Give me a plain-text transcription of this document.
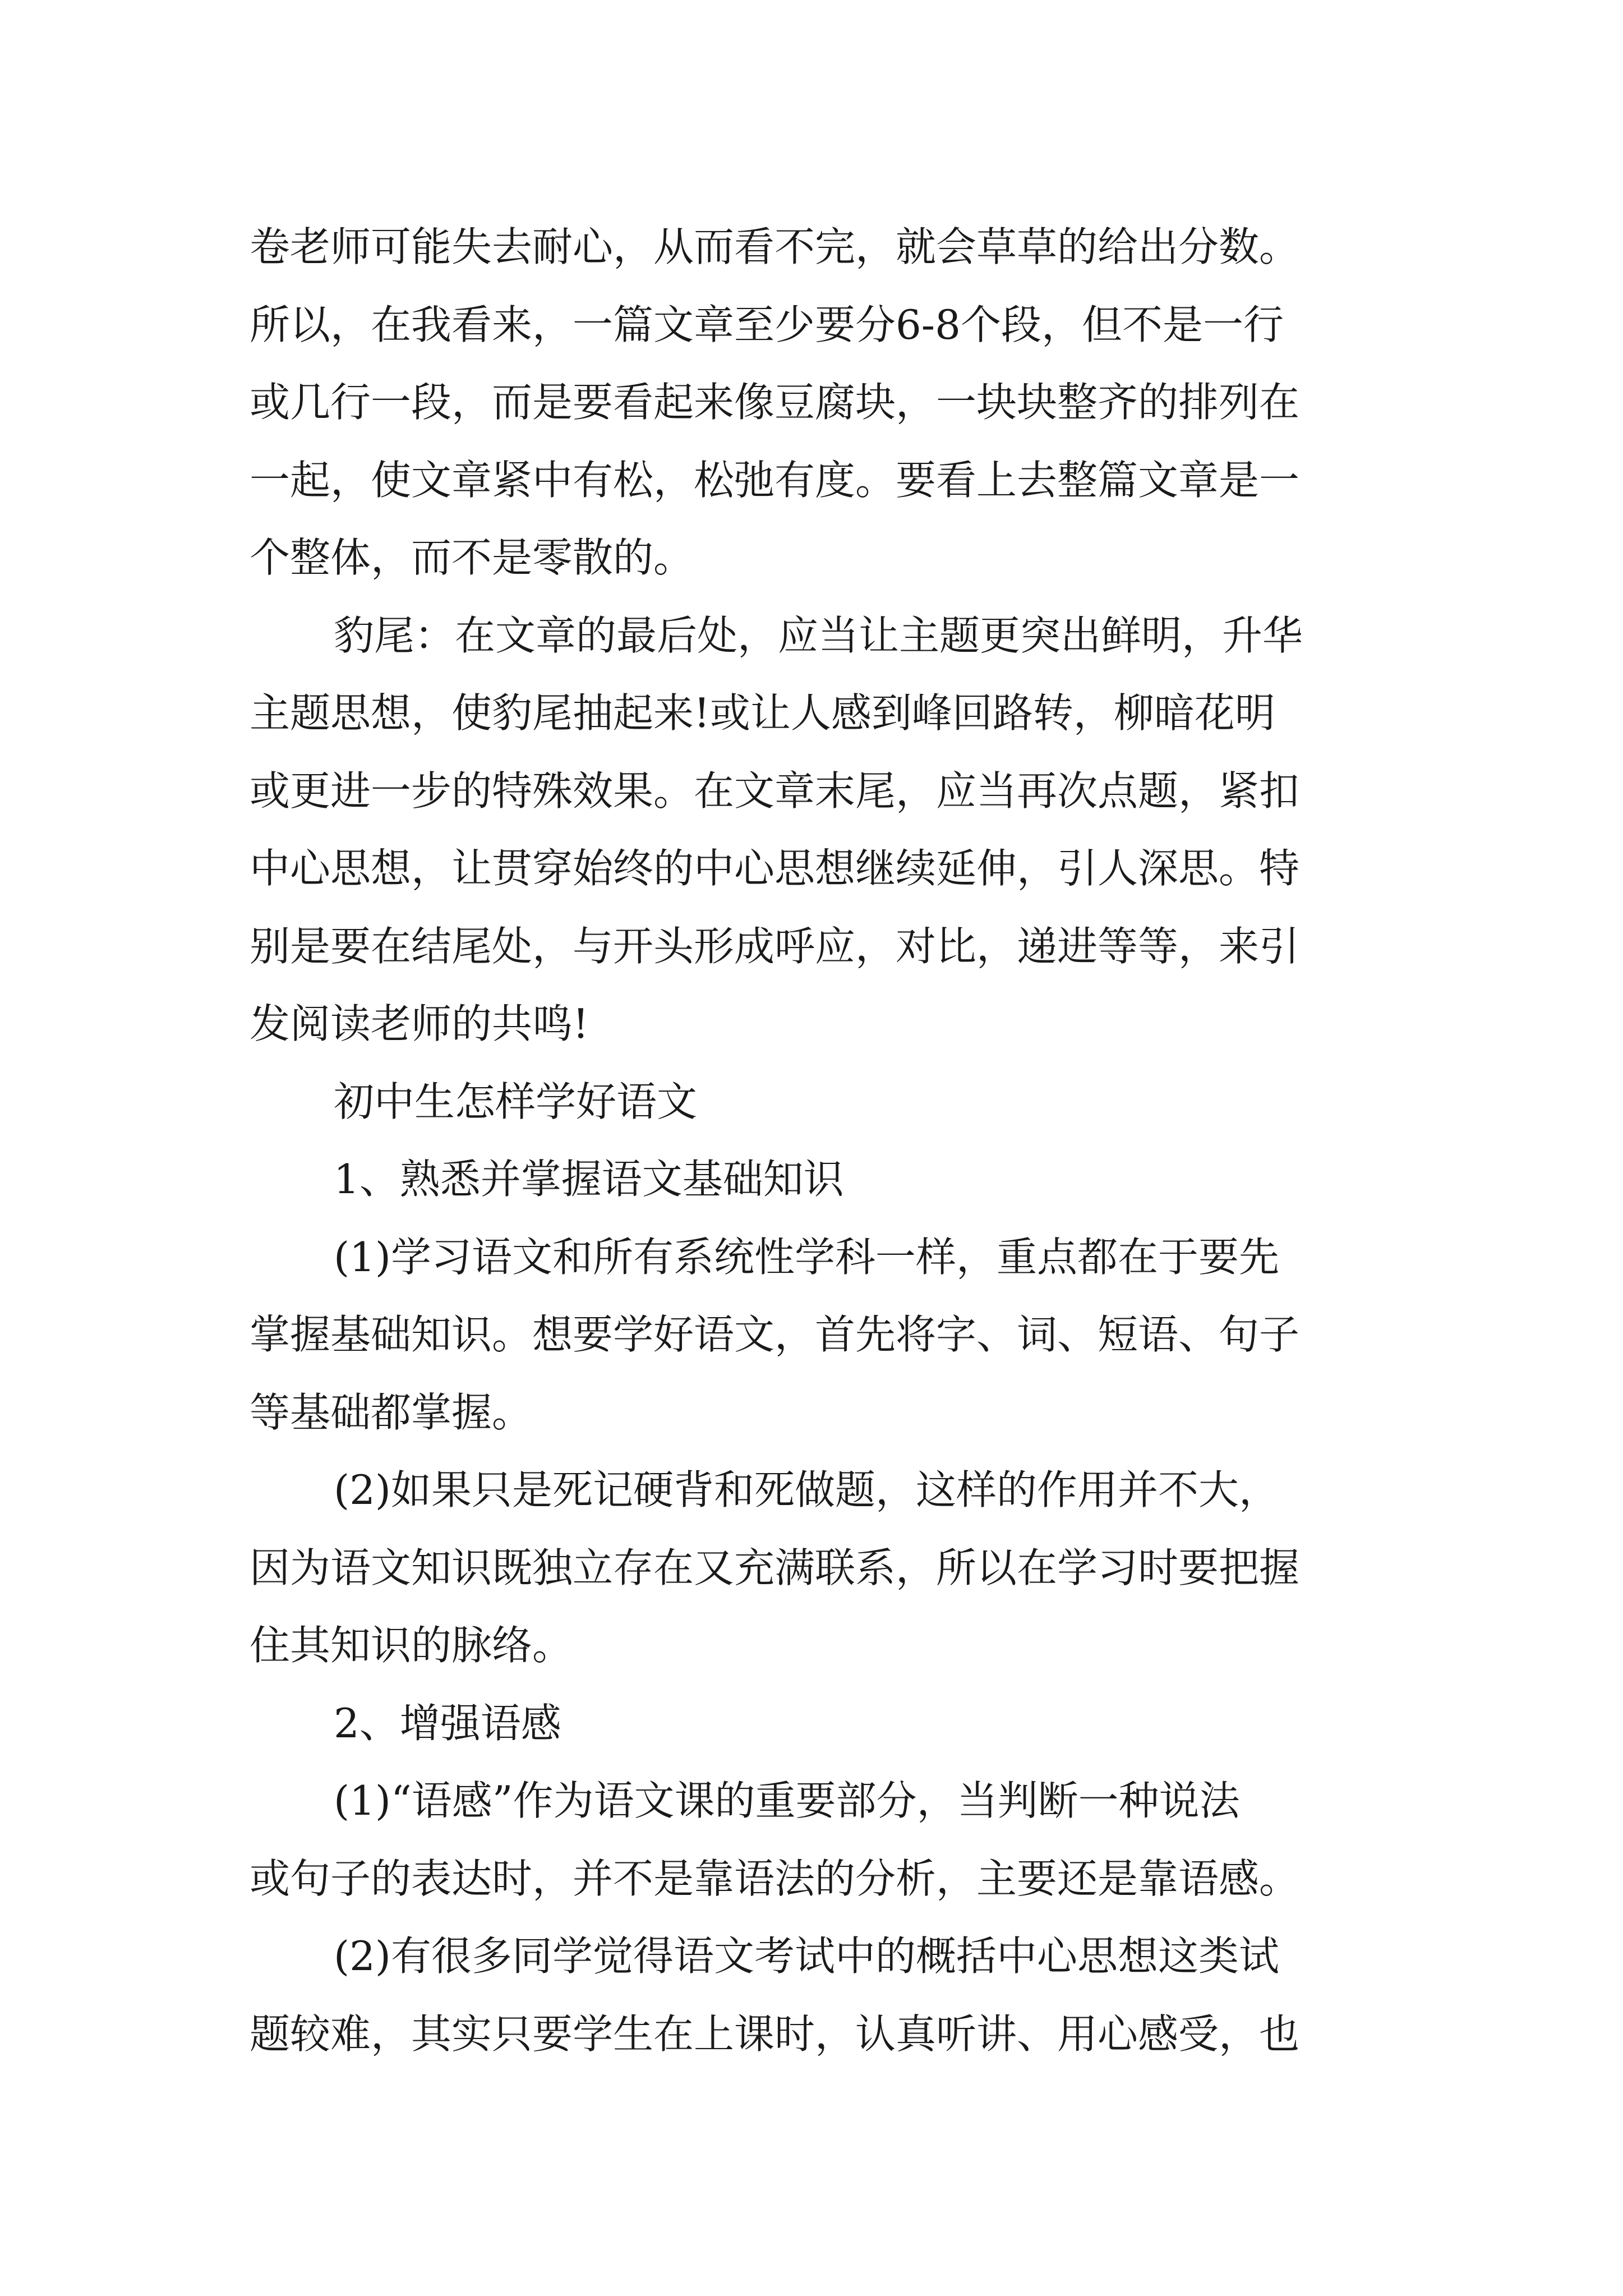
卷老师可能失去耐心，从而看不完，就会草草的给出分数。
所以，在我看来，一篇文章至少要分6-8个段，但不是一行
或几行一段，而是要看起来像豆腐块，一块块整齐的排列在
一起，使文章紧中有松，松弛有度。要看上去整篇文章是一
个整体，而不是零散的。
豹尾：在文章的最后处，应当让主题更突出鲜明，升华
主题思想，使豹尾抽起来!或让人感到峰回路转，柳暗花明
或更进一步的特殊效果。在文章末尾，应当再次点题，紧扣
中心思想，让贯穿始终的中心思想继续延伸，引人深思。特
别是要在结尾处，与开头形成呼应，对比，递进等等，来引
发阅读老师的共鸣!
初中生怎样学好语文
1、熟悉并掌握语文基础知识
(1)学习语文和所有系统性学科一样，重点都在于要先
掌握基础知识。想要学好语文，首先将字、词、短语、句子
等基础都掌握。
(2)如果只是死记硬背和死做题，这样的作用并不大，
因为语文知识既独立存在又充满联系，所以在学习时要把握
住其知识的脉络。
2、增强语感
(1)“语感”作为语文课的重要部分，当判断一种说法
或句子的表达时，并不是靠语法的分析，主要还是靠语感。
(2)有很多同学觉得语文考试中的概括中心思想这类试
题较难，其实只要学生在上课时，认真听讲、用心感受，也
